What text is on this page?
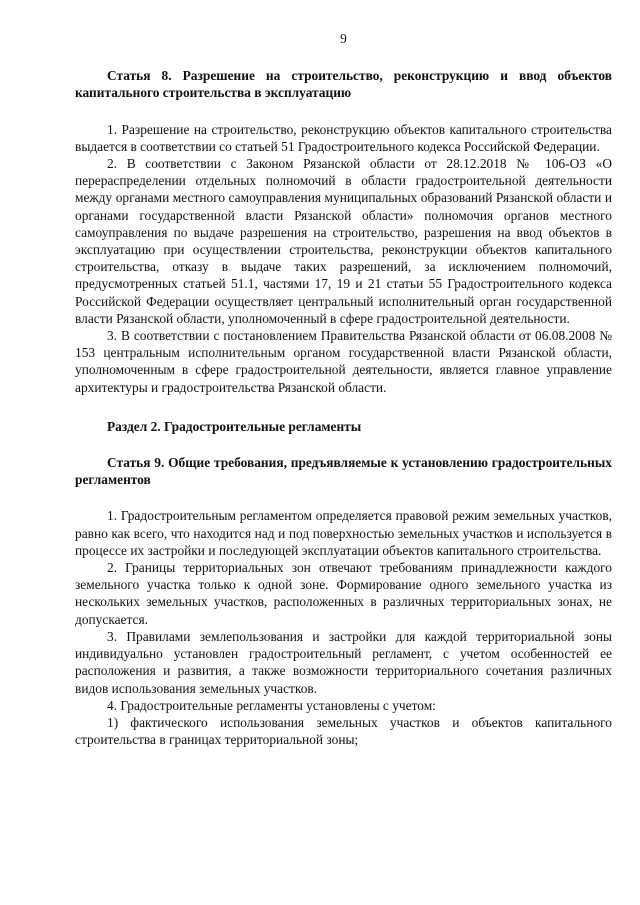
9

Статья 8. Разрешение на строительство, реконструкцию и ввод объектов капитального строительства в эксплуатацию

1. Разрешение на строительство, реконструкцию объектов капитального строительства выдается в соответствии со статьей 51 Градостроительного кодекса Российской Федерации.

2. В соответствии с Законом Рязанской области от 28.12.2018 № 106-ОЗ «О перераспределении отдельных полномочий в области градостроительной деятельности между органами местного самоуправления муниципальных образований Рязанской области и органами государственной власти Рязанской области» полномочия органов местного самоуправления по выдаче разрешения на строительство, разрешения на ввод объектов в эксплуатацию при осуществлении строительства, реконструкции объектов капитального строительства, отказу в выдаче таких разрешений, за исключением полномочий, предусмотренных статьей 51.1, частями 17, 19 и 21 статьи 55 Градостроительного кодекса Российской Федерации осуществляет центральный исполнительный орган государственной власти Рязанской области, уполномоченный в сфере градостроительной деятельности.

3. В соответствии с постановлением Правительства Рязанской области от 06.08.2008 № 153 центральным исполнительным органом государственной власти Рязанской области, уполномоченным в сфере градостроительной деятельности, является главное управление архитектуры и градостроительства Рязанской области.

Раздел 2. Градостроительные регламенты

Статья 9. Общие требования, предъявляемые к установлению градостроительных регламентов

1. Градостроительным регламентом определяется правовой режим земельных участков, равно как всего, что находится над и под поверхностью земельных участков и используется в процессе их застройки и последующей эксплуатации объектов капитального строительства.

2. Границы территориальных зон отвечают требованиям принадлежности каждого земельного участка только к одной зоне. Формирование одного земельного участка из нескольких земельных участков, расположенных в различных территориальных зонах, не допускается.

3. Правилами землепользования и застройки для каждой территориальной зоны индивидуально установлен градостроительный регламент, с учетом особенностей ее расположения и развития, а также возможности территориального сочетания различных видов использования земельных участков.

4. Градостроительные регламенты установлены с учетом:

1) фактического использования земельных участков и объектов капитального строительства в границах территориальной зоны;
